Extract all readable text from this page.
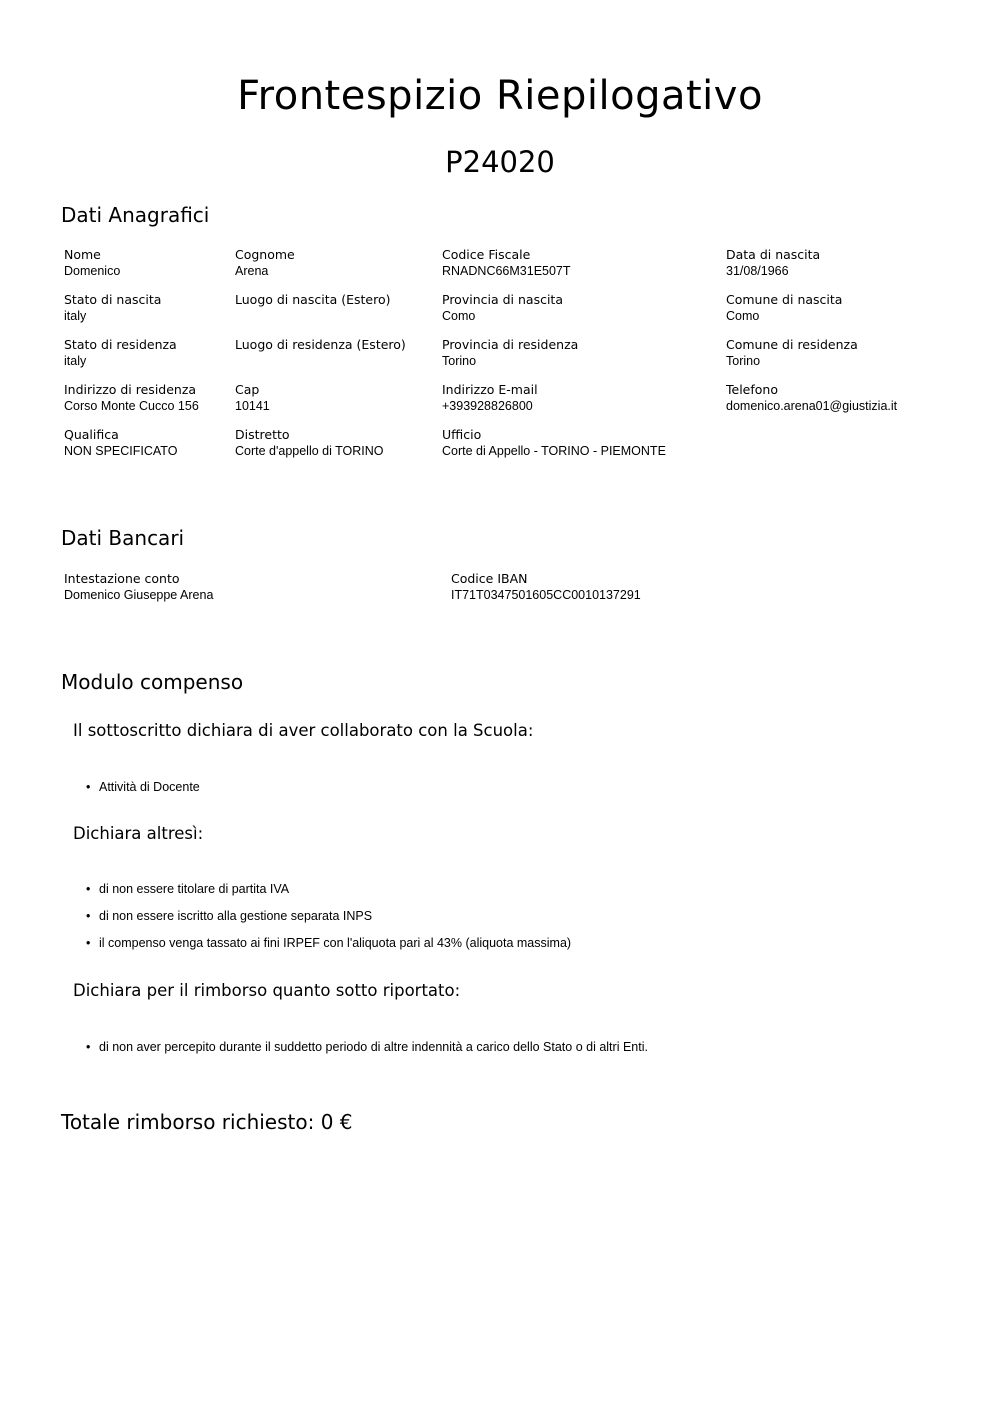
Frontespizio Riepilogativo
P24020
Dati Anagrafici
Nome
Domenico
Cognome
Arena
Codice Fiscale
RNADNC66M31E507T
Data di nascita
31/08/1966
Stato di nascita
italy
Luogo di nascita (Estero)	Provincia di nascita
Como
Comune di nascita
Como
Stato di residenza
italy
Luogo di residenza (Estero)	Provincia di residenza
Torino
Comune di residenza
Torino
Indirizzo di residenza
Corso Monte Cucco 156
Cap
10141
Indirizzo E-mail
+393928826800
Telefono
domenico.arena01@giustizia.it
Qualifica
NON SPECIFICATO
Distretto
Corte d'appello di TORINO
Ufficio
Corte di Appello - TORINO - PIEMONTE
Dati Bancari
Intestazione conto
Domenico Giuseppe Arena
Codice IBAN
IT71T0347501605CC0010137291
Modulo compenso
Il sottoscritto dichiara di aver collaborato con la Scuola:
• Attività di Docente
Dichiara altresì:
• di non essere titolare di partita IVA
• di non essere iscritto alla gestione separata INPS
• il compenso venga tassato ai fini IRPEF con l'aliquota pari al 43% (aliquota massima)
Dichiara per il rimborso quanto sotto riportato:
• di non aver percepito durante il suddetto periodo di altre indennità a carico dello Stato o di altri Enti.
Totale rimborso richiesto: 0 €
